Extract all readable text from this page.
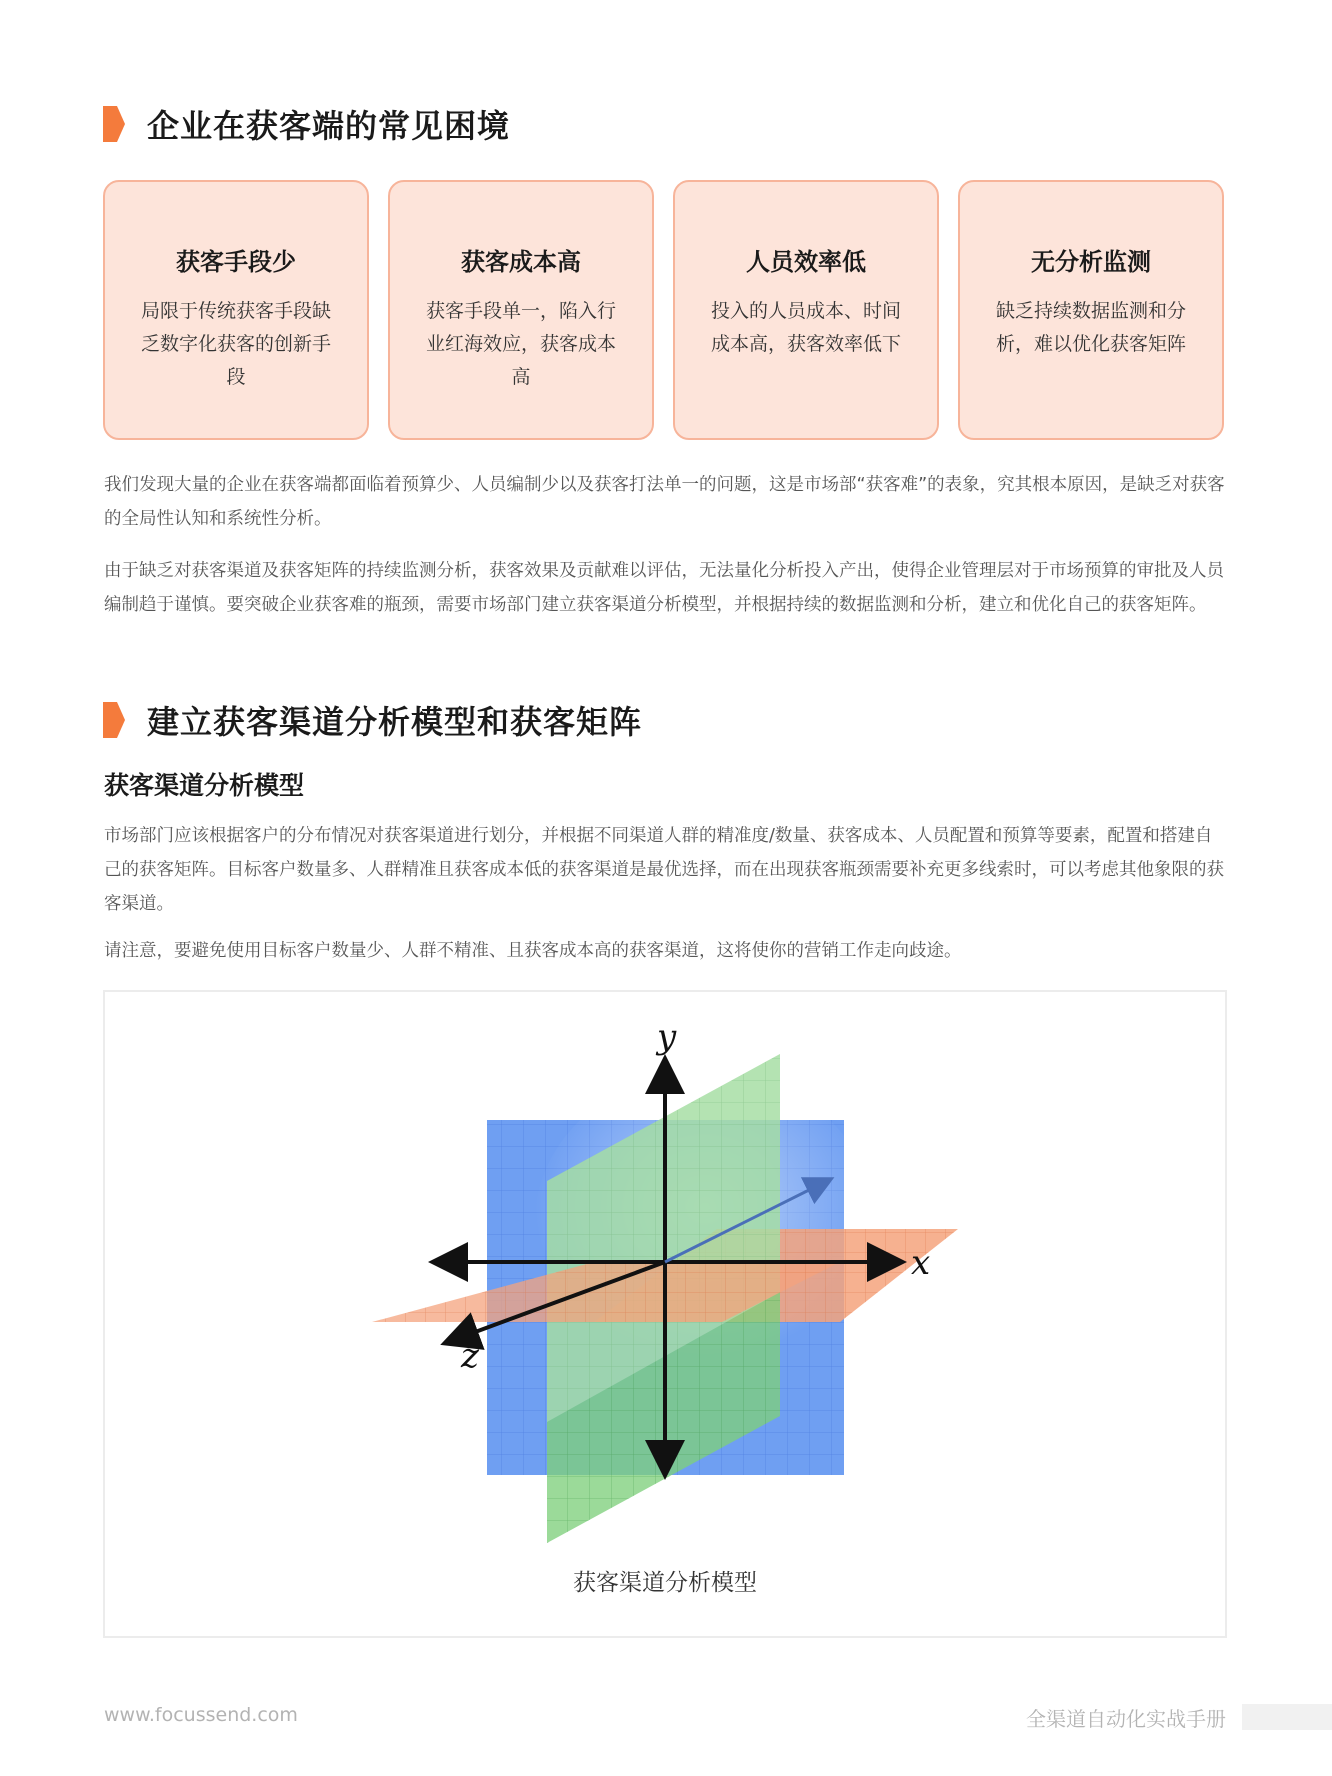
企业在获客端的常见困境
获客手段少

局限于传统获客手段缺乏数字化获客的创新手段

获客成本高

获客手段单一，陷入行业红海效应，获客成本高

人员效率低

投入的人员成本、时间成本高，获客效率低下

无分析监测

缺乏持续数据监测和分析，难以优化获客矩阵

我们发现大量的企业在获客端都面临着预算少、人员编制少以及获客打法单一的问题，这是市场部“获客难”的表象，究其根本原因，是缺乏对获客的全局性认知和系统性分析。

由于缺乏对获客渠道及获客矩阵的持续监测分析，获客效果及贡献难以评估，无法量化分析投入产出，使得企业管理层对于市场预算的审批及人员编制趋于谨慎。要突破企业获客难的瓶颈，需要市场部门建立获客渠道分析模型，并根据持续的数据监测和分析，建立和优化自己的获客矩阵。

建立获客渠道分析模型和获客矩阵
获客渠道分析模型

市场部门应该根据客户的分布情况对获客渠道进行划分，并根据不同渠道人群的精准度/数量、获客成本、人员配置和预算等要素，配置和搭建自己的获客矩阵。目标客户数量多、人群精准且获客成本低的获客渠道是最优选择，而在出现获客瓶颈需要补充更多线索时，可以考虑其他象限的获客渠道。

请注意，要避免使用目标客户数量少、人群不精准、且获客成本高的获客渠道，这将使你的营销工作走向歧途。

y
x
z
获客渠道分析模型
www.focussend.com	全渠道自动化实战手册
